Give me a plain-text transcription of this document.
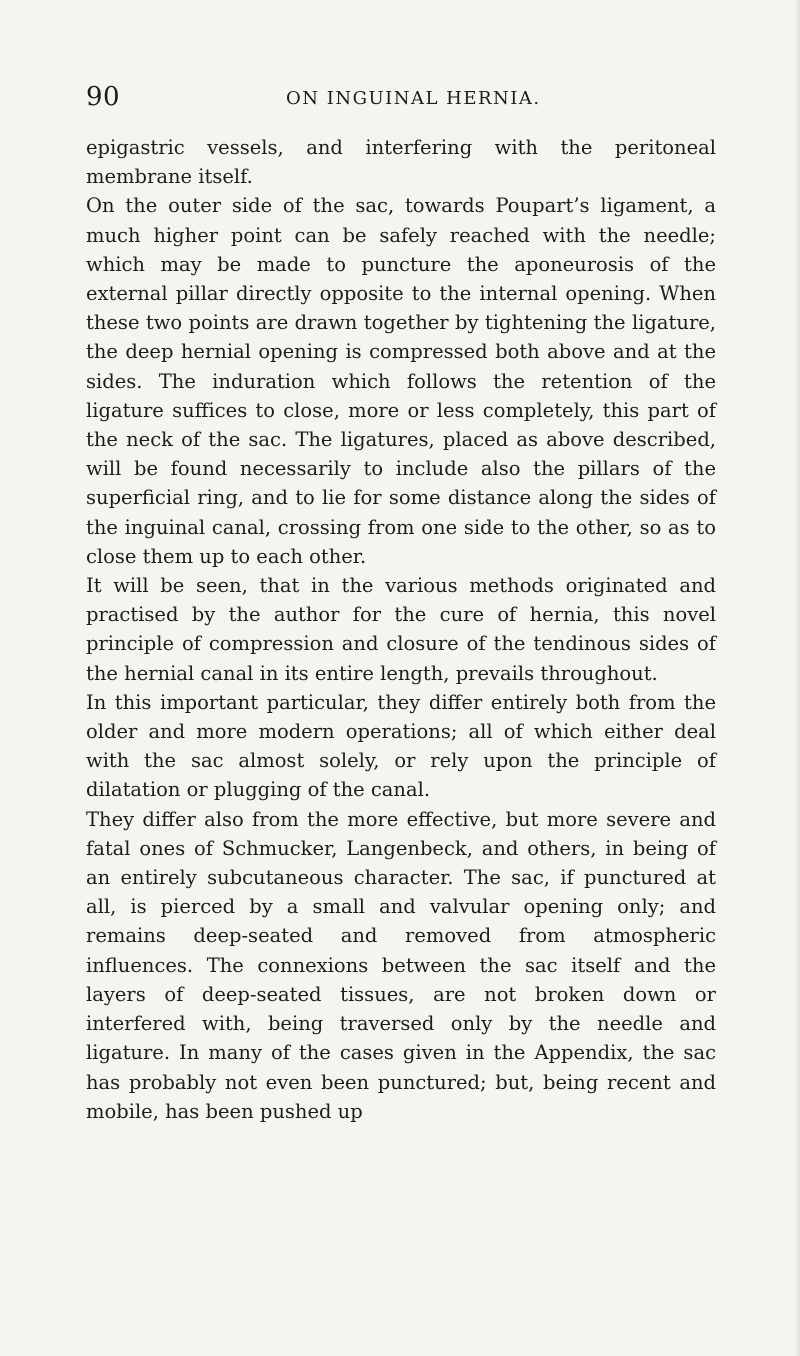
90	ON INGUINAL HERNIA.

epigastric vessels, and interfering with the peritoneal membrane itself.

On the outer side of the sac, towards Poupart’s ligament, a much higher point can be safely reached with the needle; which may be made to puncture the aponeurosis of the external pillar directly opposite to the internal opening. When these two points are drawn together by tightening the ligature, the deep hernial opening is compressed both above and at the sides. The induration which follows the retention of the ligature suffices to close, more or less completely, this part of the neck of the sac. The ligatures, placed as above described, will be found necessarily to include also the pillars of the superficial ring, and to lie for some distance along the sides of the inguinal canal, crossing from one side to the other, so as to close them up to each other.

It will be seen, that in the various methods originated and practised by the author for the cure of hernia, this novel principle of compression and closure of the tendinous sides of the hernial canal in its entire length, prevails throughout.

In this important particular, they differ entirely both from the older and more modern operations; all of which either deal with the sac almost solely, or rely upon the principle of dilatation or plugging of the canal.

They differ also from the more effective, but more severe and fatal ones of Schmucker, Langenbeck, and others, in being of an entirely subcutaneous character. The sac, if punctured at all, is pierced by a small and valvular opening only; and remains deep-seated and removed from atmospheric influences. The connexions between the sac itself and the layers of deep-seated tissues, are not broken down or interfered with, being traversed only by the needle and ligature. In many of the cases given in the Appendix, the sac has probably not even been punctured; but, being recent and mobile, has been pushed up
